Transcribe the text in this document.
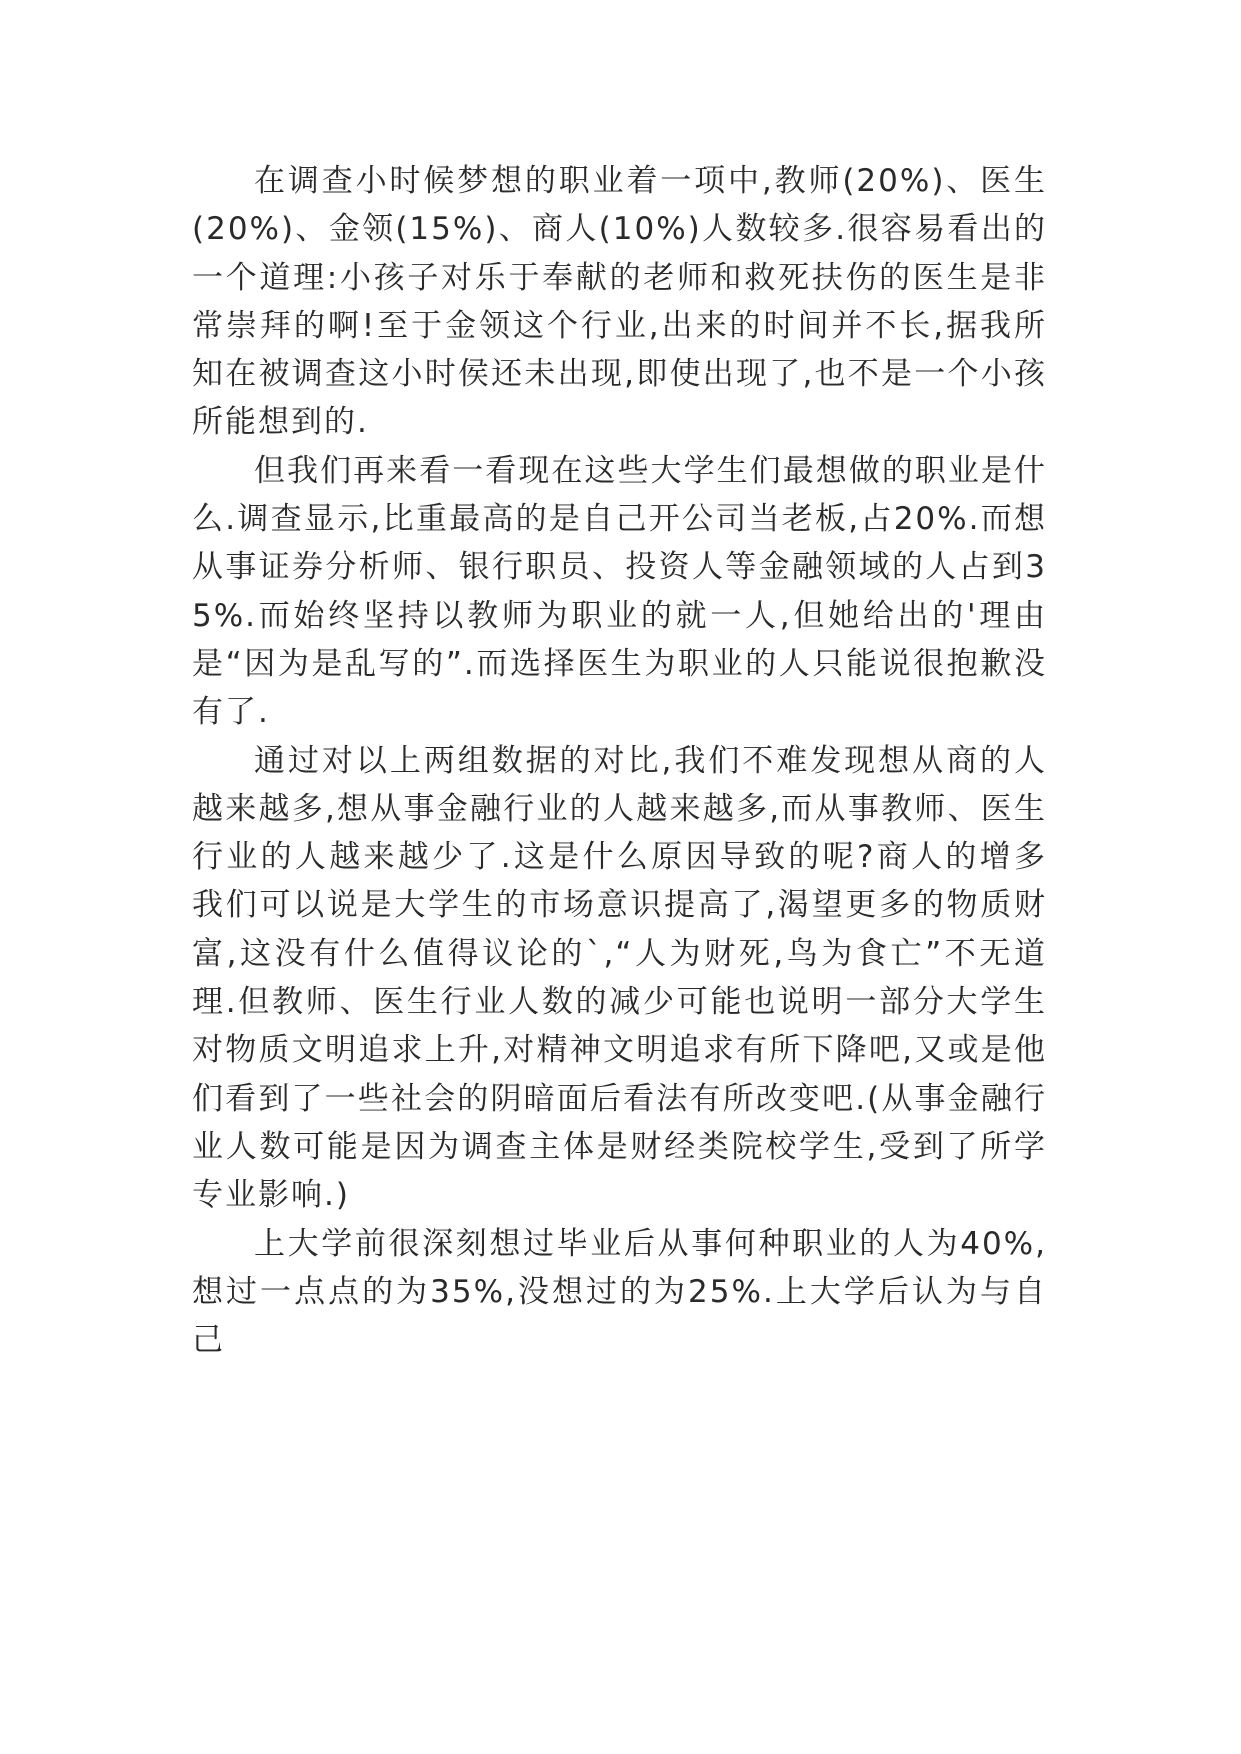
在调查小时候梦想的职业着一项中,教师(20%)、医生(20%)、金领(15%)、商人(10%)人数较多.很容易看出的一个道理:小孩子对乐于奉献的老师和救死扶伤的医生是非常崇拜的啊!至于金领这个行业,出来的时间并不长,据我所知在被调查这小时侯还未出现,即使出现了,也不是一个小孩所能想到的.

但我们再来看一看现在这些大学生们最想做的职业是什么.调查显示,比重最高的是自己开公司当老板,占20%.而想从事证券分析师、银行职员、投资人等金融领域的人占到35%.而始终坚持以教师为职业的就一人,但她给出的'理由是“因为是乱写的”.而选择医生为职业的人只能说很抱歉没有了.

通过对以上两组数据的对比,我们不难发现想从商的人越来越多,想从事金融行业的人越来越多,而从事教师、医生行业的人越来越少了.这是什么原因导致的呢?商人的增多我们可以说是大学生的市场意识提高了,渴望更多的物质财富,这没有什么值得议论的`,“人为财死,鸟为食亡”不无道理.但教师、医生行业人数的减少可能也说明一部分大学生对物质文明追求上升,对精神文明追求有所下降吧,又或是他们看到了一些社会的阴暗面后看法有所改变吧.(从事金融行业人数可能是因为调查主体是财经类院校学生,受到了所学专业影响.)

上大学前很深刻想过毕业后从事何种职业的人为40%,想过一点点的为35%,没想过的为25%.上大学后认为与自己
